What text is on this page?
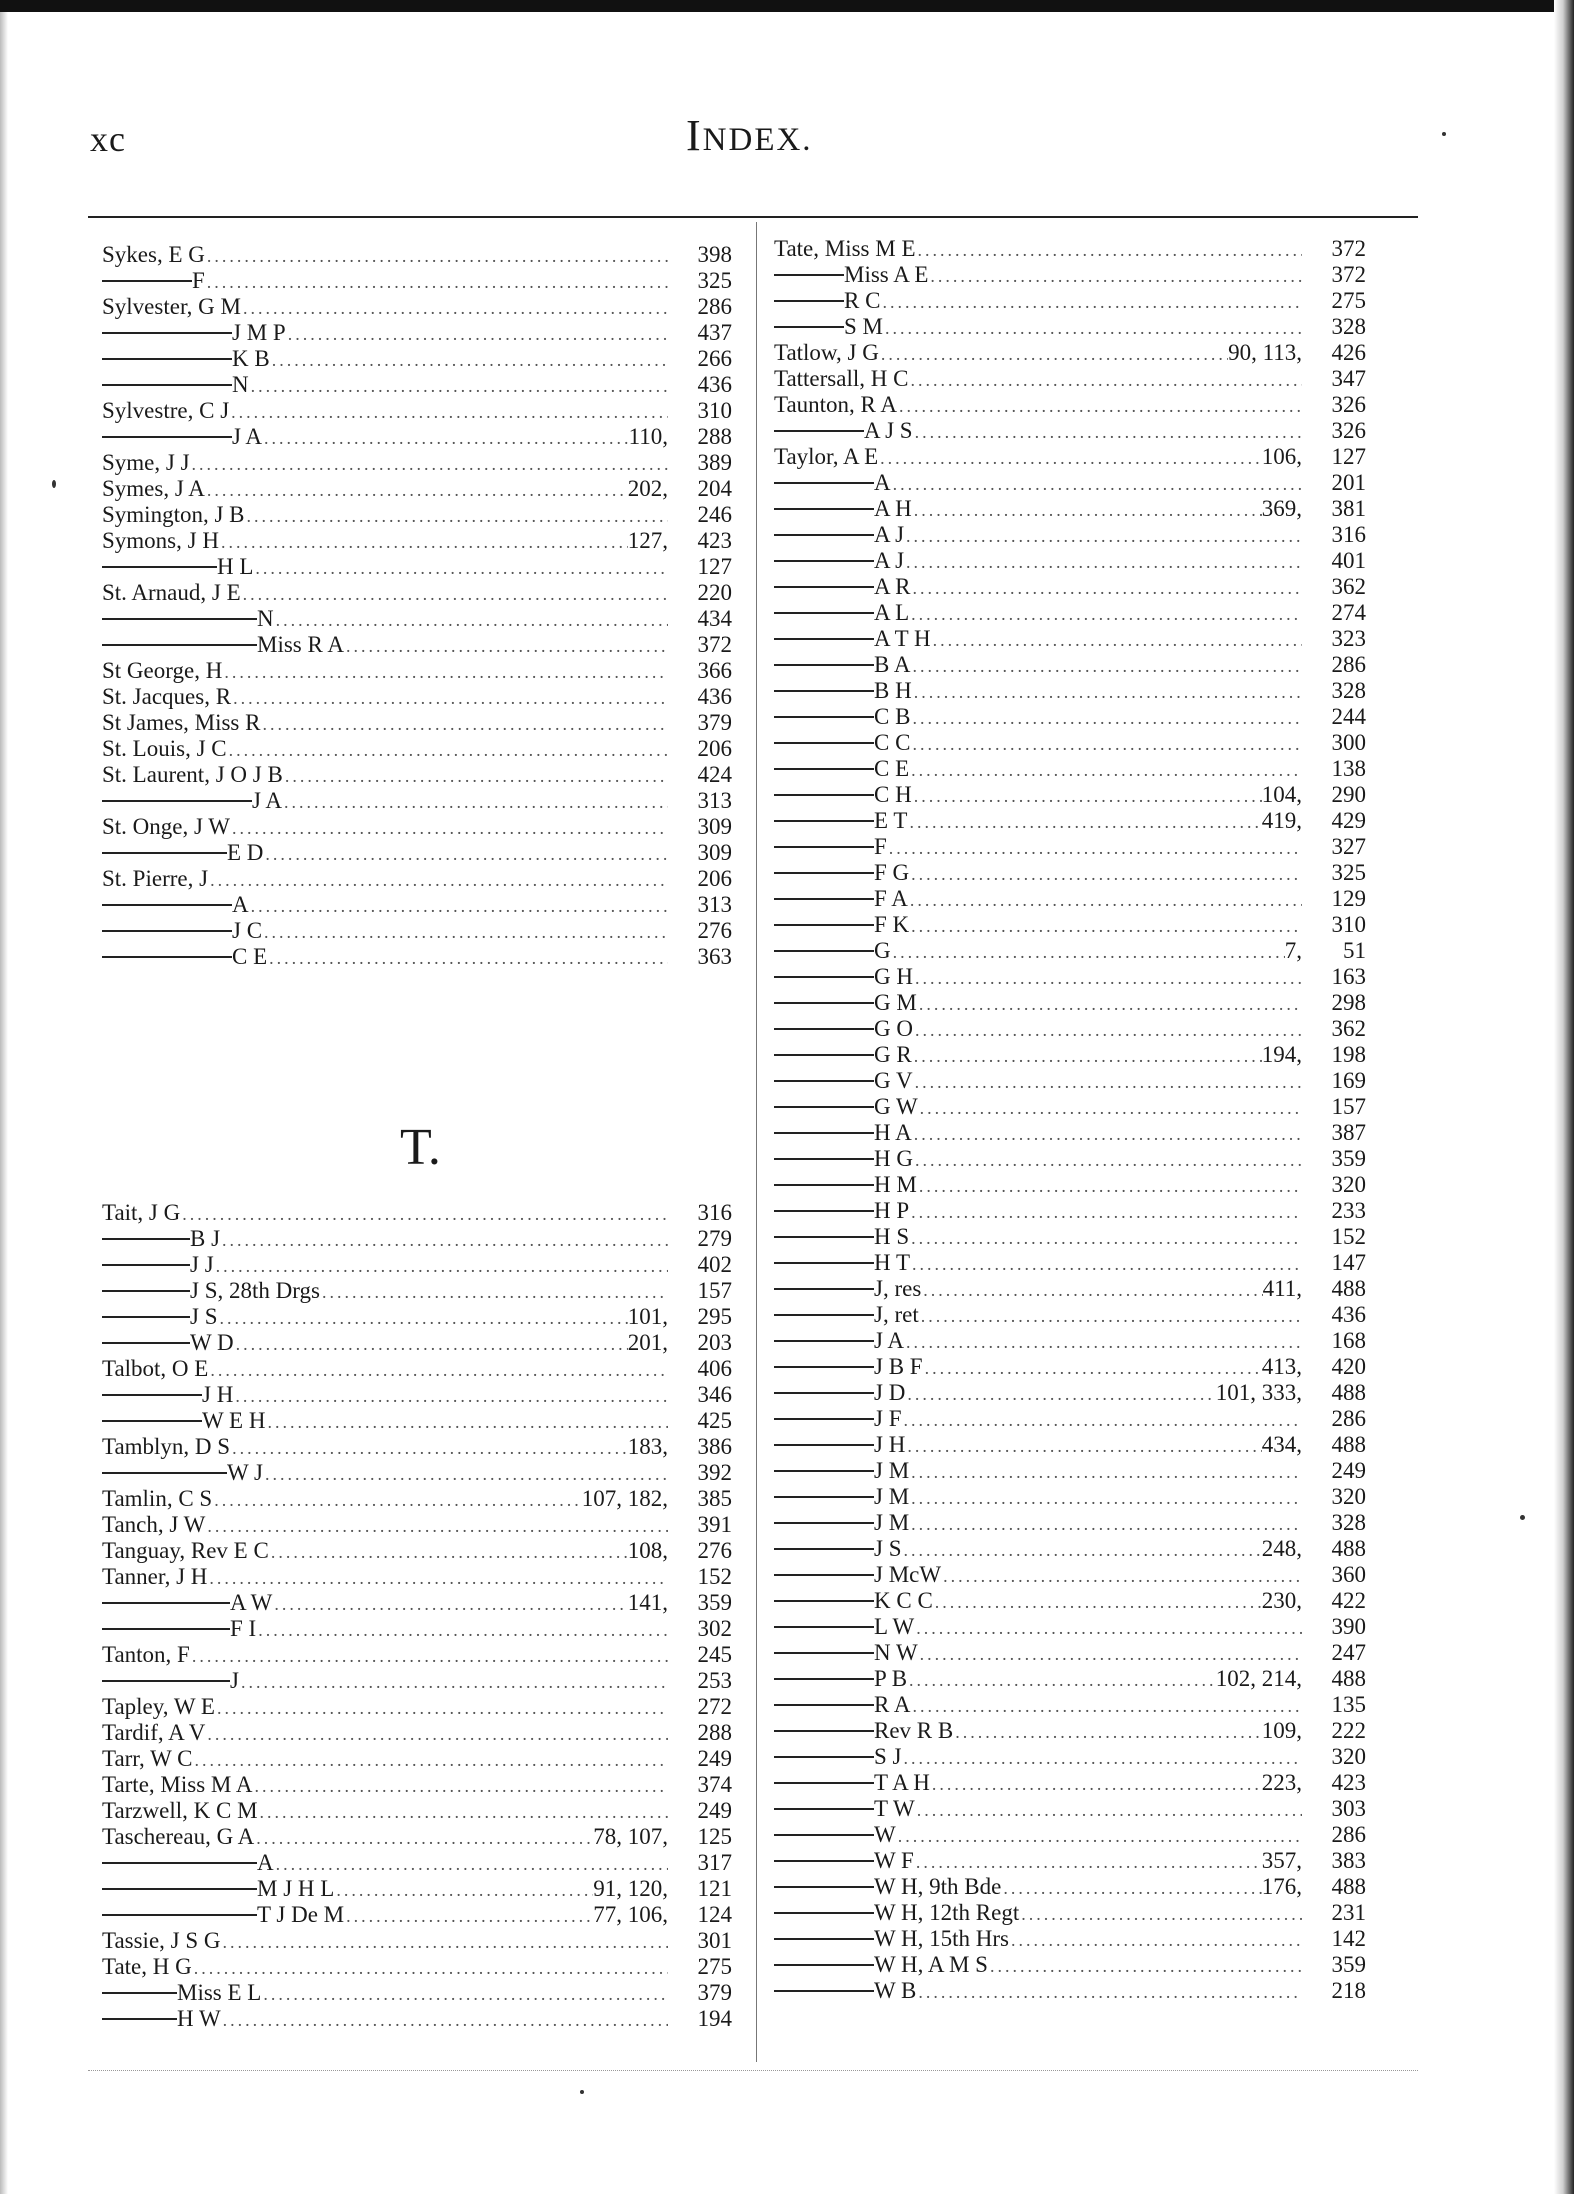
xc	INDEX.
Sykes, E G .....	398
F .....	325
Sylvester, G M .....	286
J M P .....	437
K B .....	266
N .....	436
Sylvestre, C J .....	310
J A .....	110,	288
Syme, J J .....	389
Symes, J A .....	202,	204
Symington, J B .....	246
Symons, J H .....	127,	423
H L .....	127
St. Arnaud, J E .....	220
N .....	434
Miss R A .....	372
St George, H .....	366
St. Jacques, R .....	436
St James, Miss R .....	379
St. Louis, J C .....	206
St. Laurent, J O J B .....	424
J A .....	313
St. Onge, J W .....	309
E D .....	309
St. Pierre, J .....	206
A .....	313
J C .....	276
C E .....	363
T.
Tait, J G .....	316
B J .....	279
J J .....	402
J S, 28th Drgs .....	157
J S .....	101,	295
W D .....	201,	203
Talbot, O E .....	406
J H .....	346
W E H .....	425
Tamblyn, D S .....	183,	386
W J .....	392
Tamlin, C S .....	107, 182,	385
Tanch, J W .....	391
Tanguay, Rev E C .....	108,	276
Tanner, J H .....	152
A W .....	141,	359
F I .....	302
Tanton, F .....	245
J .....	253
Tapley, W E .....	272
Tardif, A V .....	288
Tarr, W C .....	249
Tarte, Miss M A .....	374
Tarzwell, K C M .....	249
Taschereau, G A .....	78, 107,	125
A .....	317
M J H L .....	91, 120,	121
T J De M .....	77, 106,	124
Tassie, J S G .....	301
Tate, H G .....	275
Miss E L .....	379
H W .....	194
Tate, Miss M E .....	372
Miss A E .....	372
R C .....	275
S M .....	328
Tatlow, J G .....	90, 113,	426
Tattersall, H C .....	347
Taunton, R A .....	326
A J S .....	326
Taylor, A E .....	106,	127
A .....	201
A H .....	369,	381
A J .....	316
A J .....	401
A R .....	362
A L .....	274
A T H .....	323
B A .....	286
B H .....	328
C B .....	244
C C .....	300
C E .....	138
C H .....	104,	290
E T .....	419,	429
F .....	327
F G .....	325
F A .....	129
F K .....	310
G .....	7,	51
G H .....	163
G M .....	298
G O .....	362
G R .....	194,	198
G V .....	169
G W .....	157
H A .....	387
H G .....	359
H M .....	320
H P .....	233
H S .....	152
H T .....	147
J, res .....	411,	488
J, ret .....	436
J A .....	168
J B F .....	413,	420
J D .....	101, 333,	488
J F .....	286
J H .....	434,	488
J M .....	249
J M .....	320
J M .....	328
J S .....	248,	488
J McW .....	360
K C C .....	230,	422
L W .....	390
N W .....	247
P B .....	102, 214,	488
R A .....	135
Rev R B .....	109,	222
S J .....	320
T A H .....	223,	423
T W .....	303
W .....	286
W F .....	357,	383
W H, 9th Bde .....	176,	488
W H, 12th Regt .....	231
W H, 15th Hrs .....	142
W H, A M S .....	359
W B .....	218
